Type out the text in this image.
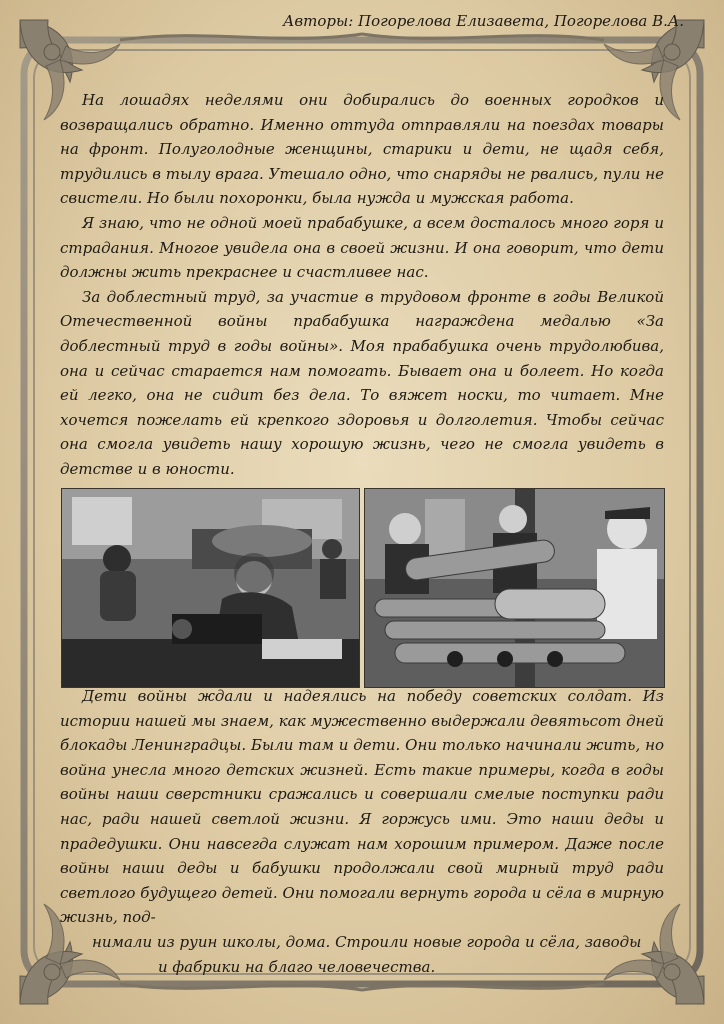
Авторы: Погорелова Елизавета, Погорелова В.А.

На лошадях неделями они добирались до военных городков и возвращались обратно. Именно оттуда отправляли на поездах товары на фронт. Полуголодные женщины, старики и дети, не щадя себя, трудились в тылу врага. Утешало одно, что снаряды не рвались, пули не свистели. Но были похоронки, была нужда и мужская работа.

Я знаю, что не одной моей прабабушке, а всем досталось много горя и страдания. Многое увидела она в своей жизни. И она говорит, что дети должны жить прекраснее и счастливее нас.

За доблестный труд, за участие в трудовом фронте в годы Великой Отечественной войны прабабушка награждена медалью «За доблестный труд в годы войны». Моя прабабушка очень трудолюбива, она и сейчас старается нам помогать. Бывает она и болеет. Но когда ей легко, она не сидит без дела. То вяжет носки, то читает. Мне хочется пожелать ей крепкого здоровья и долголетия. Чтобы сейчас она смогла увидеть нашу хорошую жизнь, чего не смогла увидеть в детстве и в юности.

Дети войны ждали и надеялись на победу советских солдат. Из истории нашей мы знаем, как мужественно выдержали девятьсот дней блокады Ленинградцы. Были там и дети. Они только начинали жить, но война унесла много детских жизней. Есть такие примеры, когда в годы войны наши сверстники сражались и совершали смелые поступки ради нас, ради нашей светлой жизни. Я горжусь ими. Это наши деды и прадедушки. Они навсегда служат нам хорошим примером. Даже после войны наши деды и бабушки продолжали свой мирный труд ради светлого будущего детей. Они помогали вернуть города и сёла в мирную жизнь, под-

нимали из руин школы, дома. Строили новые города и сёла, заводы

и фабрики на благо человечества.
